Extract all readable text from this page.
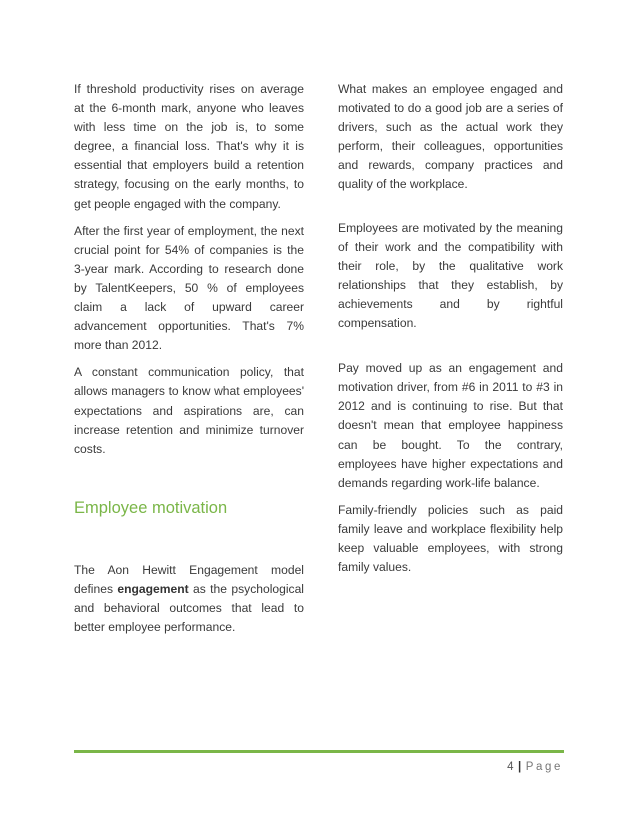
If threshold productivity rises on average at the 6-month mark, anyone who leaves with less time on the job is, to some degree, a financial loss. That's why it is essential that employers build a retention strategy, focusing on the early months, to get people engaged with the company.

After the first year of employment, the next crucial point for 54% of companies is the 3-year mark. According to research done by TalentKeepers, 50 % of employees claim a lack of upward career advancement opportunities. That's 7% more than 2012.

A constant communication policy, that allows managers to know what employees' expectations and aspirations are, can increase retention and minimize turnover costs.

Employee motivation

The Aon Hewitt Engagement model defines engagement as the psychological and behavioral outcomes that lead to better employee performance.

What makes an employee engaged and motivated to do a good job are a series of drivers, such as the actual work they perform, their colleagues, opportunities and rewards, company practices and quality of the workplace.

Employees are motivated by the meaning of their work and the compatibility with their role, by the qualitative work relationships that they establish, by achievements and by rightful compensation.

Pay moved up as an engagement and motivation driver, from #6 in 2011 to #3 in 2012 and is continuing to rise. But that doesn't mean that employee happiness can be bought. To the contrary, employees have higher expectations and demands regarding work-life balance.

Family-friendly policies such as paid family leave and workplace flexibility help keep valuable employees, with strong family values.

4 | Page
